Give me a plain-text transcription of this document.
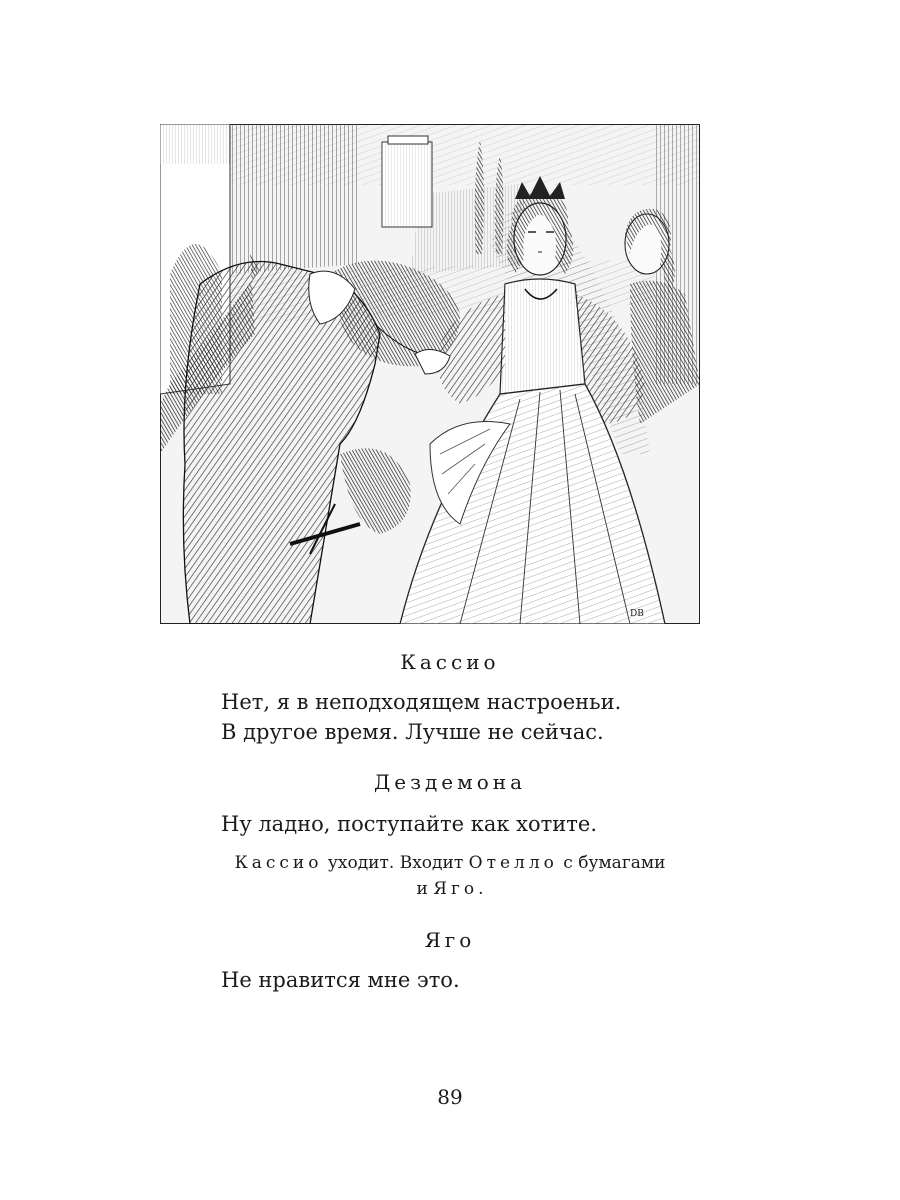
DB
Кассио

Нет, я в неподходящем настроеньи.

В другое время. Лучше не сейчас.

Дездемона

Ну ладно, поступайте как хотите.

Кассио уходит. Входит Отелло с бумагами

и Яго.

Яго

Не нравится мне это.

89
